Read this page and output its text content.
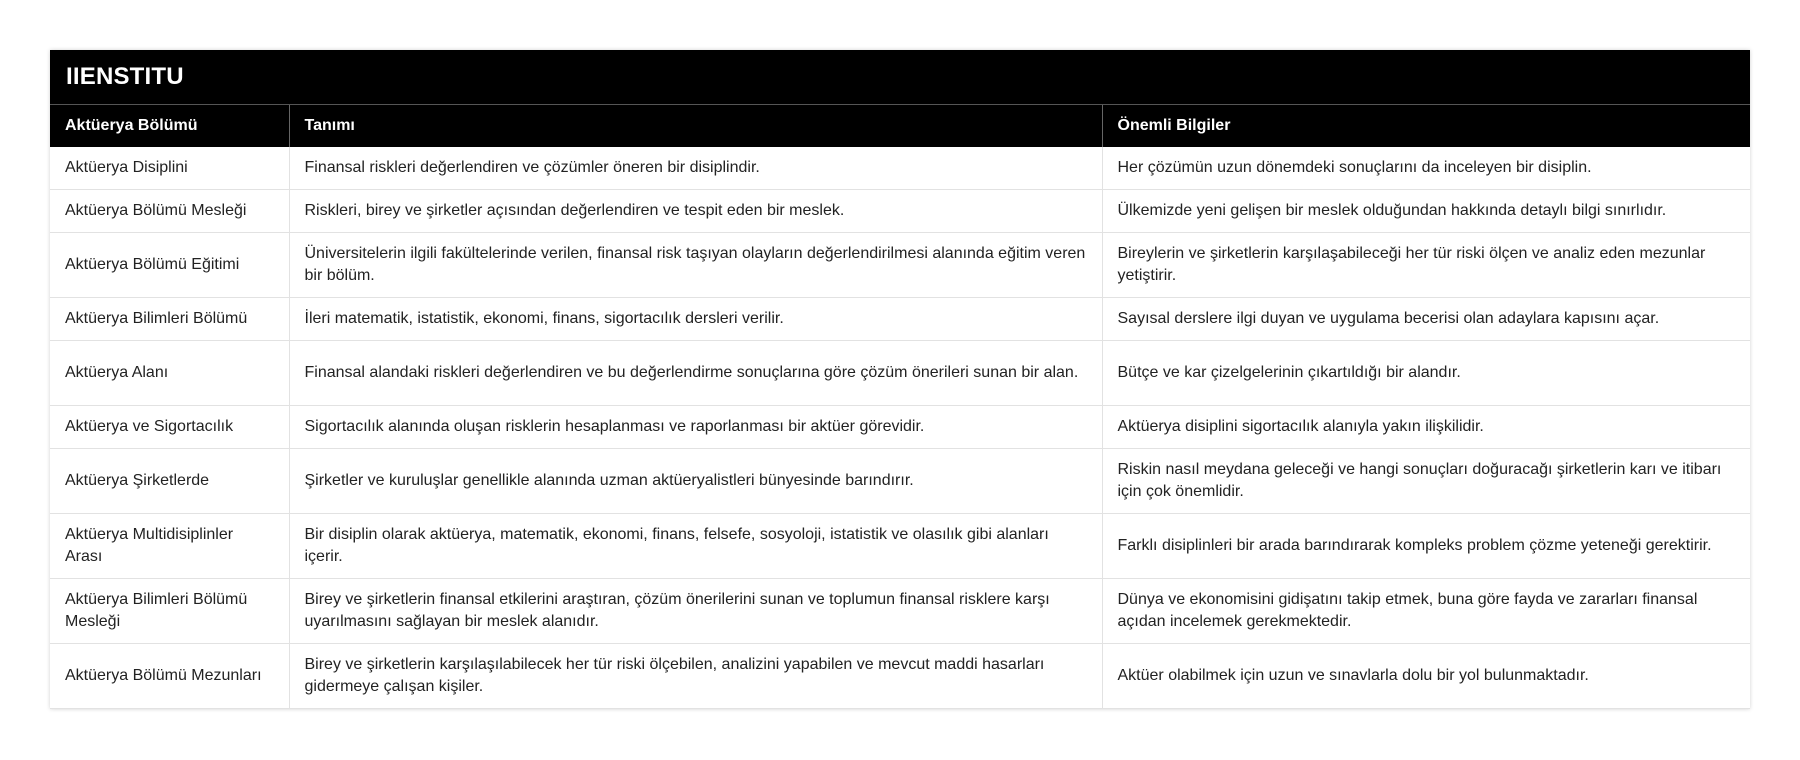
IIENSTITU
Aktüerya Bölümü	Tanımı	Önemli Bilgiler
Aktüerya Disiplini	Finansal riskleri değerlendiren ve çözümler öneren bir disiplindir.	Her çözümün uzun dönemdeki sonuçlarını da inceleyen bir disiplin.
Aktüerya Bölümü Mesleği	Riskleri, birey ve şirketler açısından değerlendiren ve tespit eden bir meslek.	Ülkemizde yeni gelişen bir meslek olduğundan hakkında detaylı bilgi sınırlıdır.
Aktüerya Bölümü Eğitimi	Üniversitelerin ilgili fakültelerinde verilen, finansal risk taşıyan olayların değerlendirilmesi alanında eğitim veren bir bölüm.	Bireylerin ve şirketlerin karşılaşabileceği her tür riski ölçen ve analiz eden mezunlar yetiştirir.
Aktüerya Bilimleri Bölümü	İleri matematik, istatistik, ekonomi, finans, sigortacılık dersleri verilir.	Sayısal derslere ilgi duyan ve uygulama becerisi olan adaylara kapısını açar.
Aktüerya Alanı	Finansal alandaki riskleri değerlendiren ve bu değerlendirme sonuçlarına göre çözüm önerileri sunan bir alan.	Bütçe ve kar çizelgelerinin çıkartıldığı bir alandır.
Aktüerya ve Sigortacılık	Sigortacılık alanında oluşan risklerin hesaplanması ve raporlanması bir aktüer görevidir.	Aktüerya disiplini sigortacılık alanıyla yakın ilişkilidir.
Aktüerya Şirketlerde	Şirketler ve kuruluşlar genellikle alanında uzman aktüeryalistleri bünyesinde barındırır.	Riskin nasıl meydana geleceği ve hangi sonuçları doğuracağı şirketlerin karı ve itibarı için çok önemlidir.
Aktüerya Multidisiplinler Arası	Bir disiplin olarak aktüerya, matematik, ekonomi, finans, felsefe, sosyoloji, istatistik ve olasılık gibi alanları içerir.	Farklı disiplinleri bir arada barındırarak kompleks problem çözme yeteneği gerektirir.
Aktüerya Bilimleri Bölümü Mesleği	Birey ve şirketlerin finansal etkilerini araştıran, çözüm önerilerini sunan ve toplumun finansal risklere karşı uyarılmasını sağlayan bir meslek alanıdır.	Dünya ve ekonomisini gidişatını takip etmek, buna göre fayda ve zararları finansal açıdan incelemek gerekmektedir.
Aktüerya Bölümü Mezunları	Birey ve şirketlerin karşılaşılabilecek her tür riski ölçebilen, analizini yapabilen ve mevcut maddi hasarları gidermeye çalışan kişiler.	Aktüer olabilmek için uzun ve sınavlarla dolu bir yol bulunmaktadır.
